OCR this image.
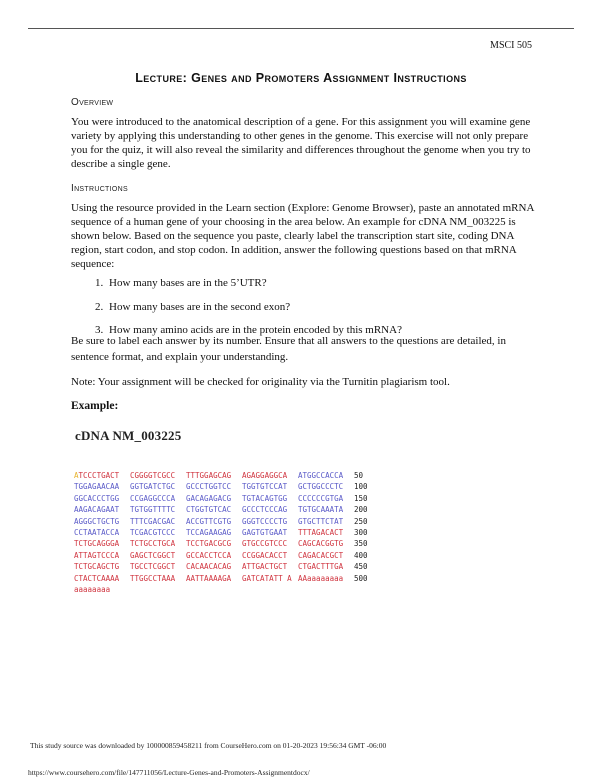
MSCI 505
Lecture: Genes and Promoters Assignment Instructions
Overview
You were introduced to the anatomical description of a gene. For this assignment you will examine gene variety by applying this understanding to other genes in the genome. This exercise will not only prepare you for the quiz, it will also reveal the similarity and differences throughout the genome when you try to describe a single gene.
Instructions
Using the resource provided in the Learn section (Explore: Genome Browser), paste an annotated mRNA sequence of a human gene of your choosing in the area below. An example for cDNA NM_003225 is shown below. Based on the sequence you paste, clearly label the transcription start site, coding DNA region, start codon, and stop codon. In addition, answer the following questions based on that mRNA sequence:
1. How many bases are in the 5’UTR?
2. How many bases are in the second exon?
3. How many amino acids are in the protein encoded by this mRNA?
Be sure to label each answer by its number. Ensure that all answers to the questions are detailed, in sentence format, and explain your understanding.
Note: Your assignment will be checked for originality via the Turnitin plagiarism tool.
Example:
cDNA NM_003225
ATCCCTGACT	CGGGGTCGCC	TTTGGAGCAG	AGAGGAGGCA	ATGGCCACCA	50
TGGAGAACAA	GGTGATCTGC	GCCCTGGTCC	TGGTGTCCAT	GCTGGCCCTC	100
GGCACCCTGG	CCGAGGCCCA	GACAGAGACG	TGTACAGTGG	CCCCCCGTGA	150
AAGACAGAAT	TGTGGTTTTC	CTGGTGTCAC	GCCCTCCCAG	TGTGCAAATA	200
AGGGCTGCTG	TTTCGACGAC	ACCGTTCGTG	GGGTCCCCTG	GTGCTTCTAT	250
CCTAATACCA	TCGACGTCCC	TCCAGAAGAG	GAGTGTGAAT	TTTAGACACT	300
TCTGCAGGGA	TCTGCCTGCA	TCCTGACGCG	GTGCCGTCCC	CAGCACGGTG	350
ATTAGTCCCA	GAGCTCGGCT	GCCACCTCCA	CCGGACACCT	CAGACACGCT	400
TCTGCAGCTG	TGCCTCGGCT	CACAACACAG	ATTGACTGCT	CTGACTTTGA	450
CTACTCAAAA	TTGGCCTAAA	AATTAAAAGA	GATCATATT A AAaaaaaaaa	500
aaaaaaaa
This study source was downloaded by 100000859458211 from CourseHero.com on 01-20-2023 19:56:34 GMT -06:00
https://www.coursehero.com/file/147711056/Lecture-Genes-and-Promoters-Assignmentdocx/
